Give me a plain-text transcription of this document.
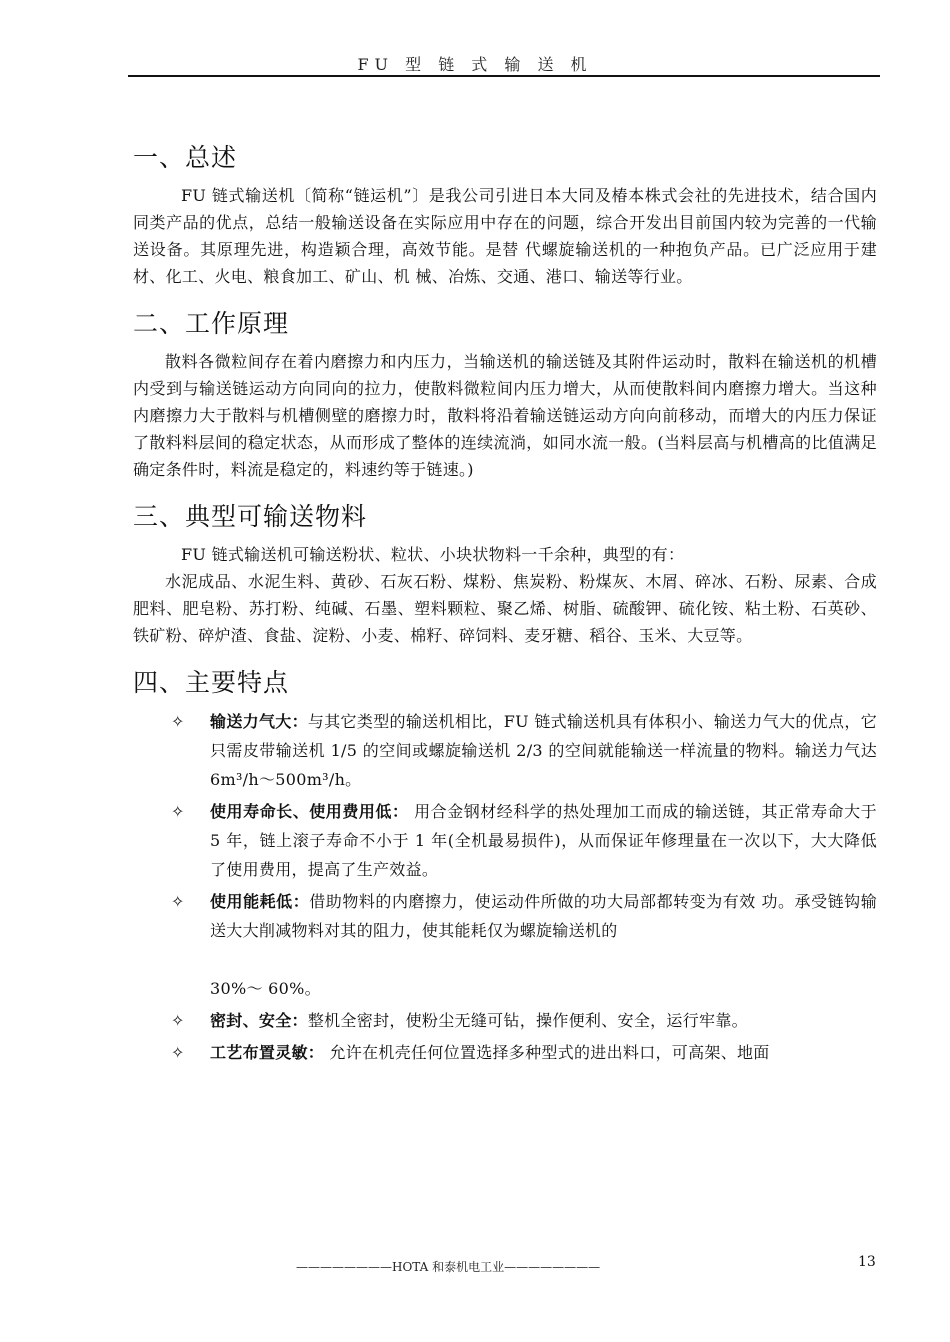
FU 型 链 式 输 送 机
一、总述

FU 链式输送机〔简称“链运机”〕是我公司引进日本大同及椿本株式会社的先进技术，结合国内同类产品的优点，总结一般输送设备在实际应用中存在的问题，综合开发出目前国内较为完善的一代输送设备。其原理先进，构造颖合理，高效节能。是替 代螺旋输送机的一种抱负产品。已广泛应用于建材、化工、火电、粮食加工、矿山、机 械、冶炼、交通、港口、输送等行业。

二、工作原理

散料各微粒间存在着内磨擦力和内压力，当输送机的输送链及其附件运动时，散料在输送机的机槽内受到与输送链运动方向同向的拉力，使散料微粒间内压力增大，从而使散料间内磨擦力增大。当这种内磨擦力大于散料与机槽侧壁的磨擦力时，散料将沿着输送链运动方向向前移动，而增大的内压力保证了散料料层间的稳定状态，从而形成了整体的连续流淌，如同水流一般。(当料层高与机槽高的比值满足确定条件时，料流是稳定的，料速约等于链速。)

三、典型可输送物料

FU 链式输送机可输送粉状、粒状、小块状物料一千余种，典型的有：

水泥成品、水泥生料、黄砂、石灰石粉、煤粉、焦炭粉、粉煤灰、木屑、碎冰、石粉、尿素、合成肥料、肥皂粉、苏打粉、纯碱、石墨、塑料颗粒、聚乙烯、树脂、硫酸钾、硫化铵、粘土粉、石英砂、铁矿粉、碎炉渣、食盐、淀粉、小麦、棉籽、碎饲料、麦牙糖、稻谷、玉米、大豆等。

四、主要特点
✧ 输送力气大：与其它类型的输送机相比，FU 链式输送机具有体积小、输送力气大的优点，它只需皮带输送机 1/5 的空间或螺旋输送机 2/3 的空间就能输送一样流量的物料。输送力气达 6m³/h～500m³/h。
✧ 使用寿命长、使用费用低： 用合金钢材经科学的热处理加工而成的输送链，其正常寿命大于 5 年，链上滚子寿命不小于 1 年(全机最易损件)，从而保证年修理量在一次以下，大大降低了使用费用，提高了生产效益。
✧ 使用能耗低：借助物料的内磨擦力，使运动件所做的功大局部都转变为有效 功。承受链钩输送大大削减物料对其的阻力，使其能耗仅为螺旋输送机的
30%～ 60%。
✧ 密封、安全：整机全密封，使粉尘无缝可钻，操作便利、安全，运行牢靠。
✧ 工艺布置灵敏： 允许在机壳任何位置选择多种型式的进出料口，可高架、地面
————————HOTA 和泰机电工业————————	13
